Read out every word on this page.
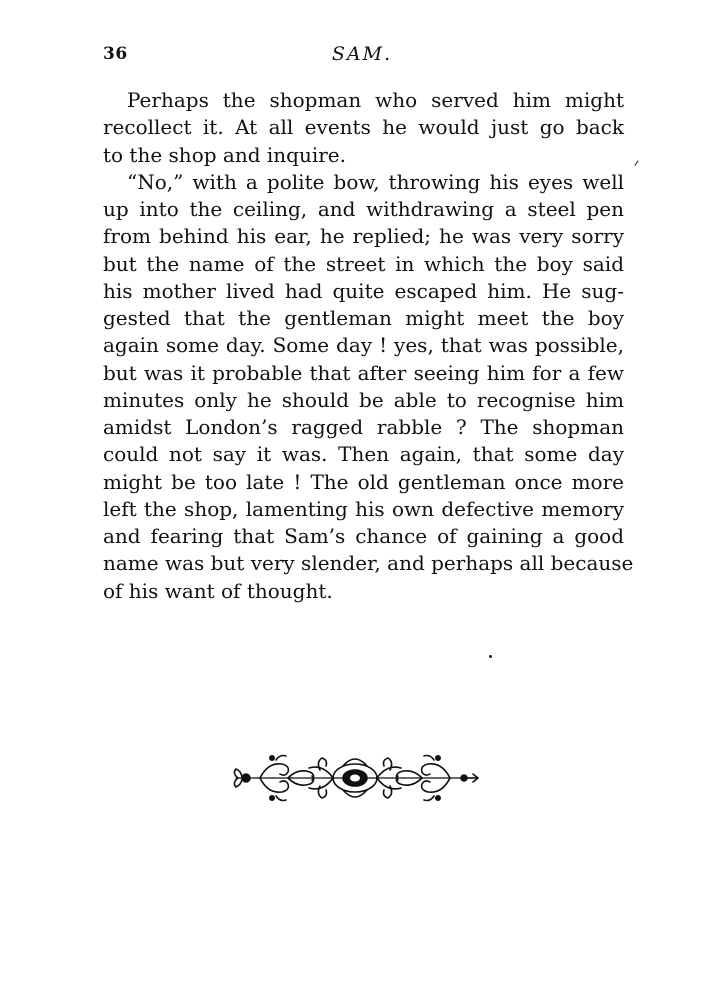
36	SAM.
Perhaps the shopman who served him might
recollect it. At all events he would just go back
to the shop and inquire.
“No,” with a polite bow, throwing his eyes well
up into the ceiling, and withdrawing a steel pen
from behind his ear, he replied; he was very sorry
but the name of the street in which the boy said
his mother lived had quite escaped him. He sug-
gested that the gentleman might meet the boy
again some day. Some day ! yes, that was possible,
but was it probable that after seeing him for a few
minutes only he should be able to recognise him
amidst London’s ragged rabble ? The shopman
could not say it was. Then again, that some day
might be too late ! The old gentleman once more
left the shop, lamenting his own defective memory
and fearing that Sam’s chance of gaining a good
name was but very slender, and perhaps all because
of his want of thought.
